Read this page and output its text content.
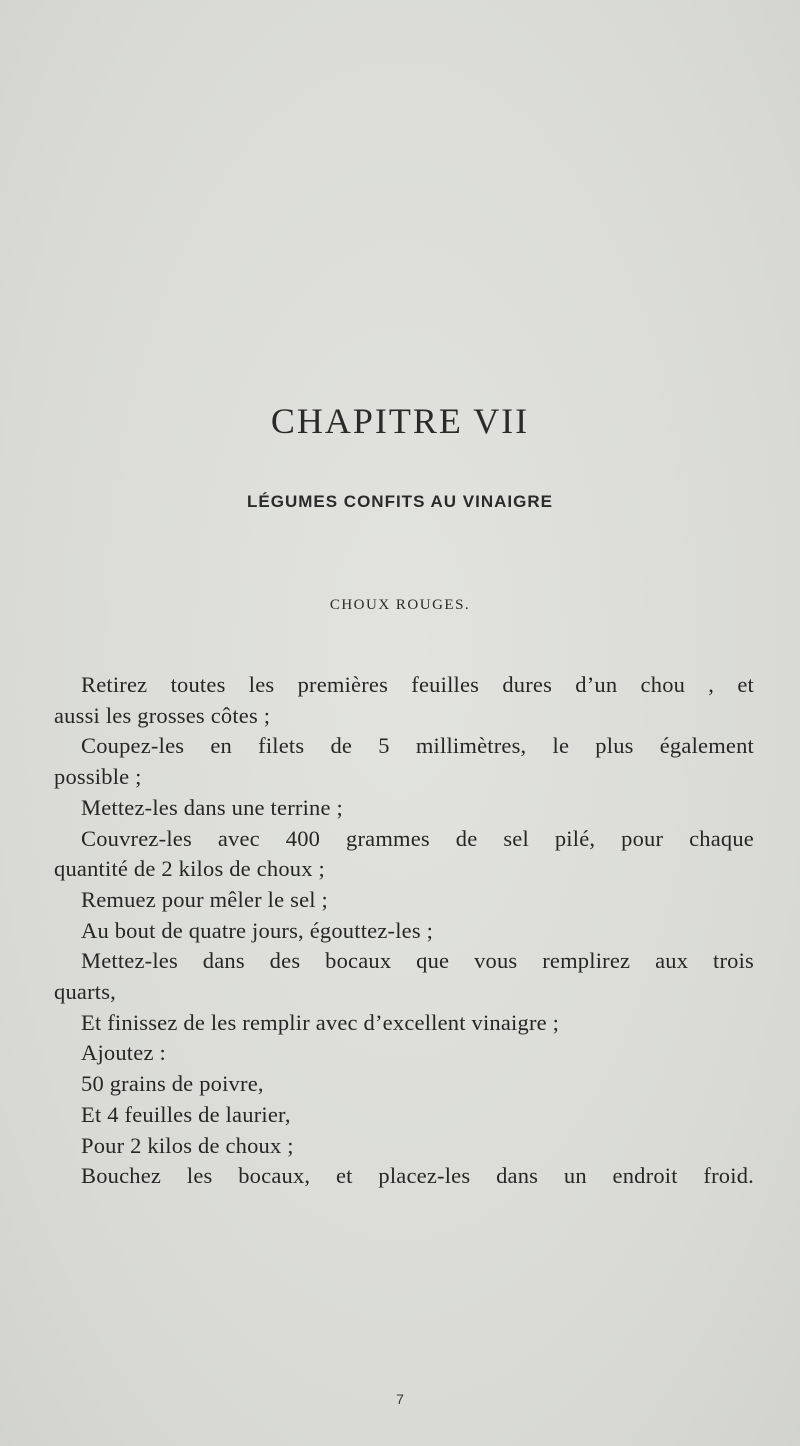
CHAPITRE VII
LÉGUMES CONFITS AU VINAIGRE
CHOUX ROUGES.
Retirez toutes les premières feuilles dures d’un chou , et
aussi les grosses côtes ;
Coupez-les en filets de 5 millimètres, le plus également
possible ;
Mettez-les dans une terrine ;
Couvrez-les avec 400 grammes de sel pilé, pour chaque
quantité de 2 kilos de choux ;
Remuez pour mêler le sel ;
Au bout de quatre jours, égouttez-les ;
Mettez-les dans des bocaux que vous remplirez aux trois
quarts,
Et finissez de les remplir avec d’excellent vinaigre ;
Ajoutez :
50 grains de poivre,
Et 4 feuilles de laurier,
Pour 2 kilos de choux ;
Bouchez les bocaux, et placez-les dans un endroit froid.
7
